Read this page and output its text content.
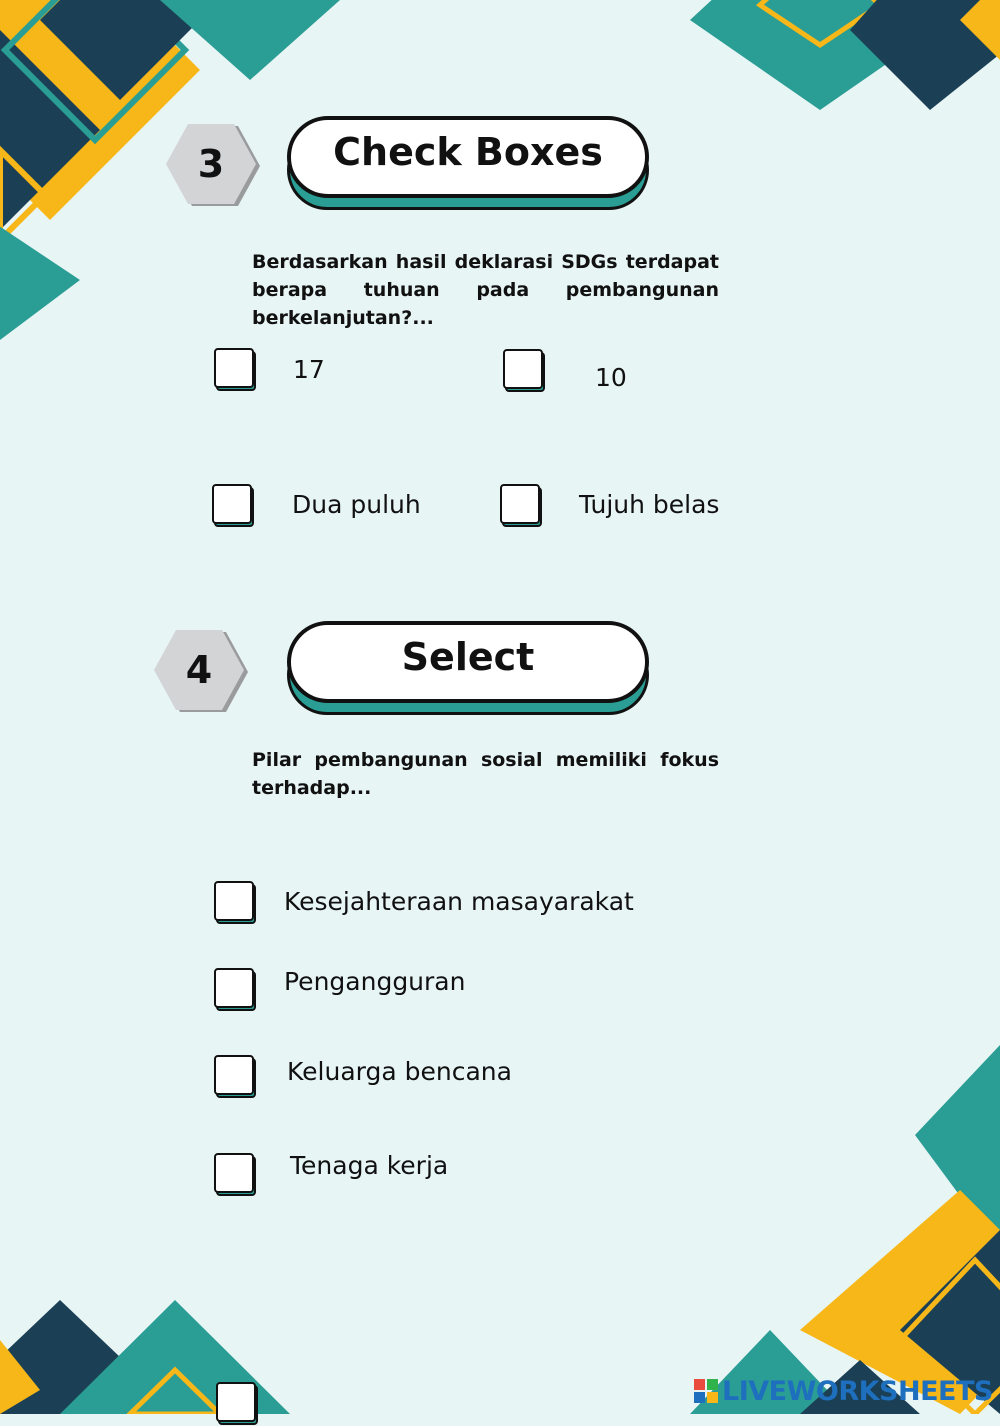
3	Check Boxes
Berdasarkan hasil deklarasi SDGs terdapat berapa tuhuan pada pembangunan berkelanjutan?...
17	10
Dua puluh	Tujuh belas
4	Select
Pilar pembangunan sosial memiliki fokus terhadap...
Kesejahteraan masayarakat
Pengangguran
Keluarga bencana
Tenaga kerja
LIVEWORKSHEETS
